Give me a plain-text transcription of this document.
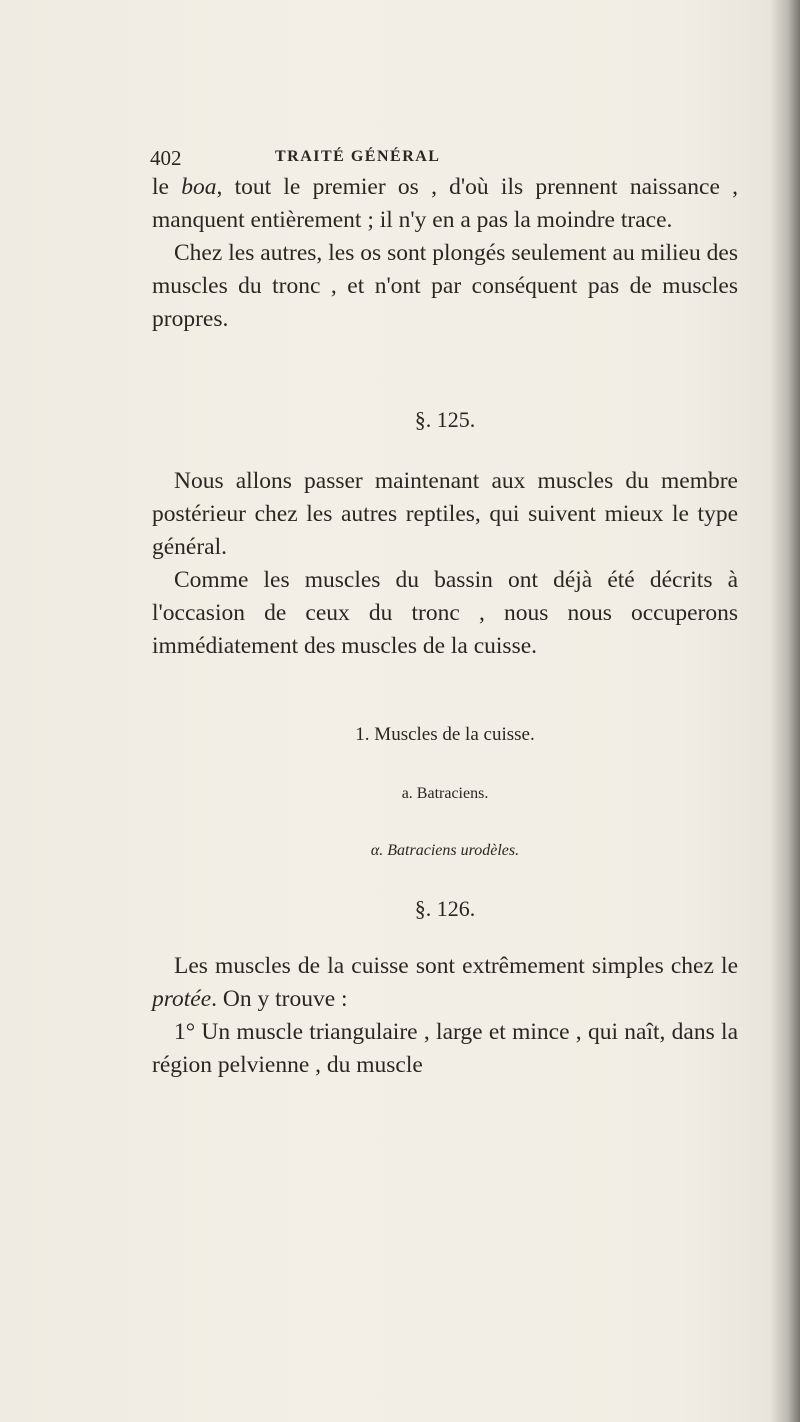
402	TRAITÉ GÉNÉRAL

le boa, tout le premier os , d'où ils prennent naissance , manquent entièrement ; il n'y en a pas la moindre trace.

Chez les autres, les os sont plongés seulement au milieu des muscles du tronc , et n'ont par conséquent pas de muscles propres.

§. 125.

Nous allons passer maintenant aux muscles du membre postérieur chez les autres reptiles, qui suivent mieux le type général.

Comme les muscles du bassin ont déjà été décrits à l'occasion de ceux du tronc , nous nous occuperons immédiatement des muscles de la cuisse.

1. Muscles de la cuisse.
a. Batraciens.
α. Batraciens urodèles.
§. 126.

Les muscles de la cuisse sont extrêmement simples chez le protée. On y trouve :

1° Un muscle triangulaire , large et mince , qui naît, dans la région pelvienne , du muscle
